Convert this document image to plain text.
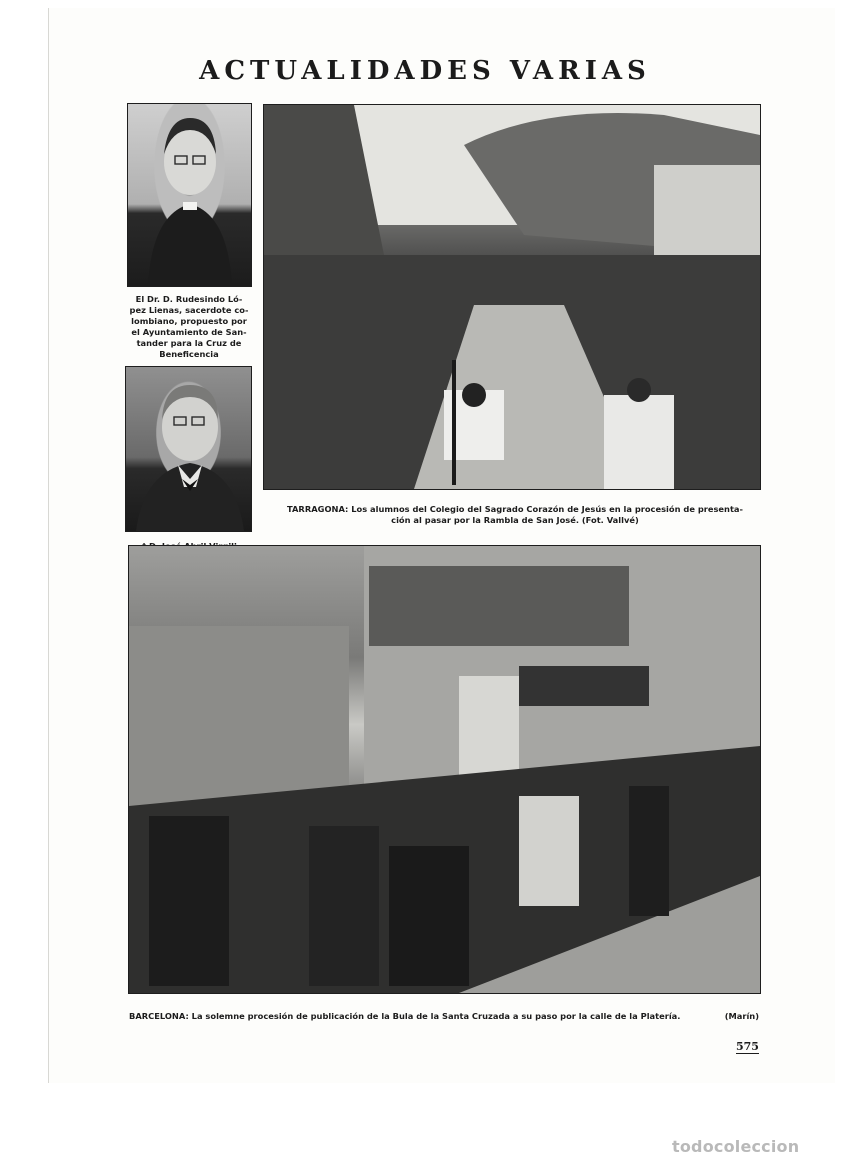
ACTUALIDADES VARIAS
El Dr. D. Rudesindo Ló-
pez Lienas, sacerdote co-
lombiano, propuesto por
el Ayuntamiento de San-
tander para la Cruz de
Beneficencia
TARRAGONA: Los alumnos del Colegio del Sagrado Corazón de Jesús en la procesión de presenta-
ción al pasar por la Rambla de San José. (Fot. Vallvé)
BARCELONA: La solemne procesión de publicación de la Bula de la Santa Cruzada a su paso por la calle de la Platería.	(Marín)
575
todocoleccion
